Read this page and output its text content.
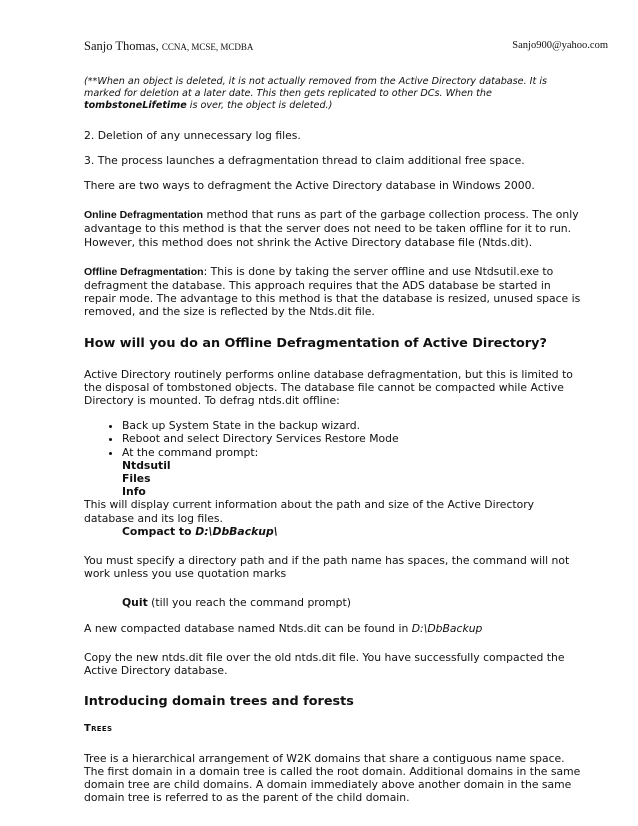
Sanjo Thomas, CCNA, MCSE, MCDBA	Sanjo900@yahoo.com

(**When an object is deleted, it is not actually removed from the Active Directory database. It is marked for deletion at a later date. This then gets replicated to other DCs. When the tombstoneLifetime is over, the object is deleted.)

2. Deletion of any unnecessary log files.

3. The process launches a defragmentation thread to claim additional free space.

There are two ways to defragment the Active Directory database in Windows 2000.

Online Defragmentation method that runs as part of the garbage collection process. The only advantage to this method is that the server does not need to be taken offline for it to run. However, this method does not shrink the Active Directory database file (Ntds.dit).

Offline Defragmentation: This is done by taking the server offline and use Ntdsutil.exe to defragment the database. This approach requires that the ADS database be started in repair mode. The advantage to this method is that the database is resized, unused space is removed, and the size is reflected by the Ntds.dit file.

How will you do an Offline Defragmentation of Active Directory?

Active Directory routinely performs online database defragmentation, but this is limited to the disposal of tombstoned objects. The database file cannot be compacted while Active Directory is mounted. To defrag ntds.dit offline:

• Back up System State in the backup wizard.
• Reboot and select Directory Services Restore Mode
• At the command prompt:
Ntdsutil
Files
Info

This will display current information about the path and size of the Active Directory database and its log files.

Compact to D:\DbBackup\

You must specify a directory path and if the path name has spaces, the command will not work unless you use quotation marks

Quit (till you reach the command prompt)

A new compacted database named Ntds.dit can be found in D:\DbBackup

Copy the new ntds.dit file over the old ntds.dit file. You have successfully compacted the Active Directory database.

Introducing domain trees and forests

Trees

Tree is a hierarchical arrangement of W2K domains that share a contiguous name space. The first domain in a domain tree is called the root domain. Additional domains in the same domain tree are child domains. A domain immediately above another domain in the same domain tree is referred to as the parent of the child domain.
